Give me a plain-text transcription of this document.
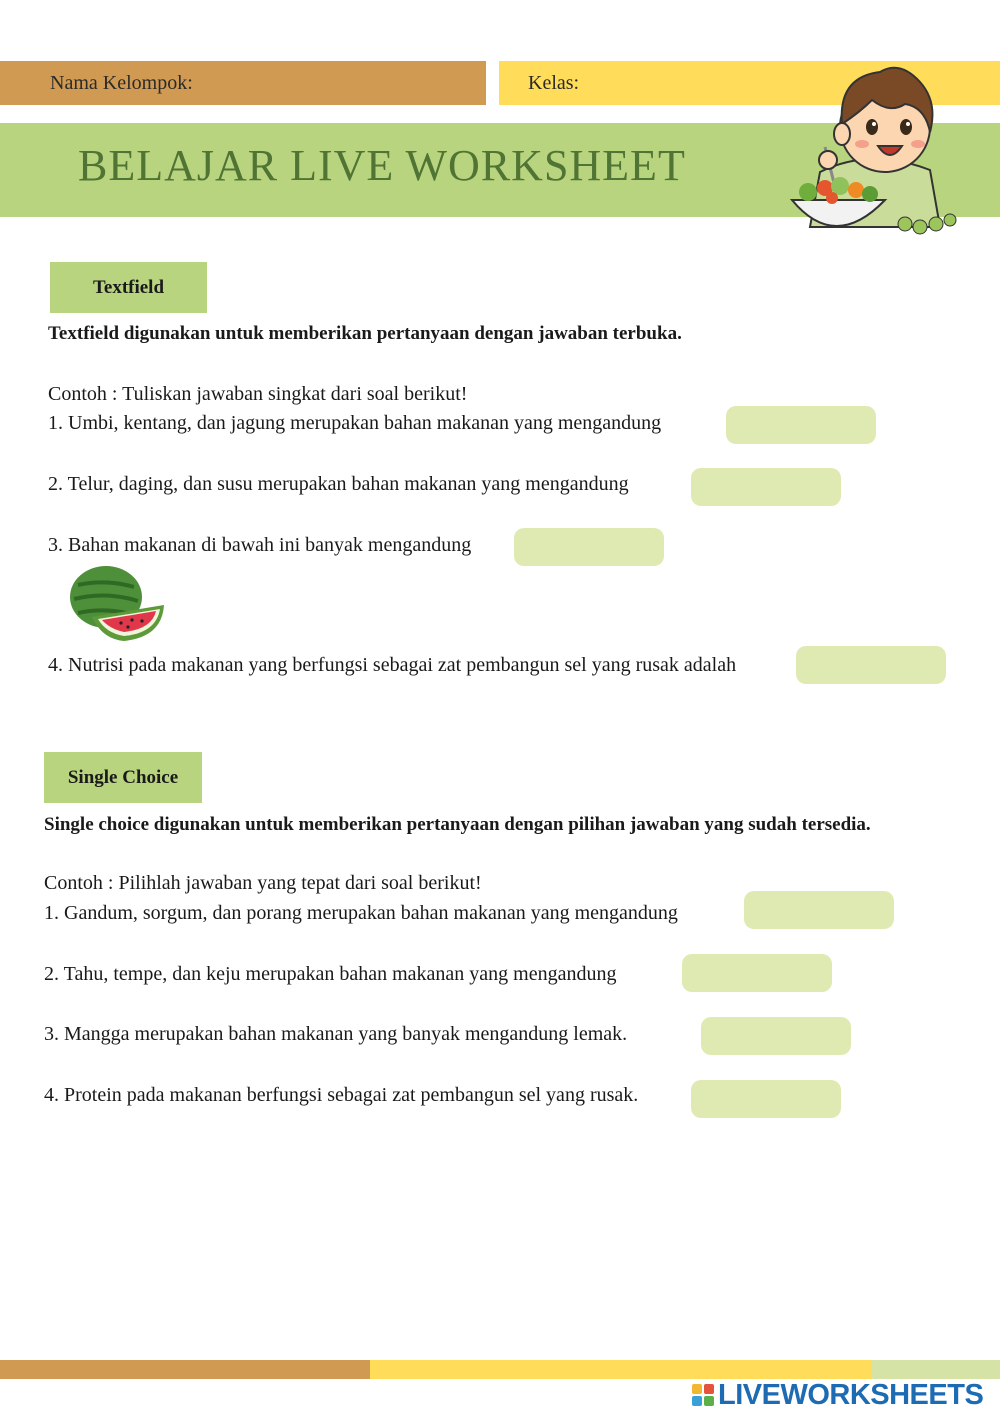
Nama Kelompok:	Kelas:
BELAJAR LIVE WORKSHEET
Textfield
Textfield digunakan untuk memberikan pertanyaan dengan jawaban terbuka.
Contoh : Tuliskan jawaban singkat dari soal berikut!
1. Umbi, kentang, dan jagung merupakan bahan makanan yang mengandung
2. Telur, daging, dan susu merupakan bahan makanan yang mengandung
3. Bahan makanan di bawah ini banyak mengandung
4. Nutrisi pada makanan yang berfungsi sebagai zat pembangun sel yang rusak adalah
Single Choice
Single choice digunakan untuk memberikan pertanyaan dengan pilihan jawaban yang sudah tersedia.
Contoh : Pilihlah jawaban yang tepat dari soal berikut!
1. Gandum, sorgum, dan porang merupakan bahan makanan yang mengandung
2. Tahu, tempe, dan keju merupakan bahan makanan yang mengandung
3. Mangga merupakan bahan makanan yang banyak mengandung lemak.
4. Protein pada makanan berfungsi sebagai zat pembangun sel yang rusak.
LIVEWORKSHEETS
